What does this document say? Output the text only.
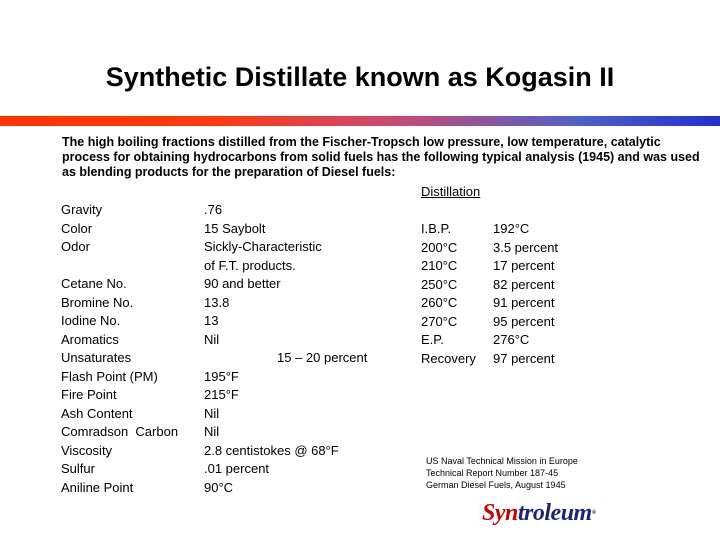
Synthetic Distillate known as Kogasin II
The high boiling fractions distilled from the Fischer-Tropsch low pressure, low temperature, catalytic process for obtaining hydrocarbons from solid fuels has the following typical analysis (1945) and was used as blending products for the preparation of Diesel fuels:
Distillation
Gravity	.76
Color	15 Saybolt
Odor	Sickly-Characteristic
of F.T. products.
Cetane No.	90 and better
Bromine No.	13.8
Iodine No.	13
Aromatics	Nil
Unsaturates	15 – 20 percent
Flash Point (PM)	195°F
Fire Point	215°F
Ash Content	Nil
Comradson  Carbon Nil
Viscosity	2.8 centistokes @ 68°F
Sulfur	.01 percent
Aniline Point	90°C
I.B.P.	192°C
200°C	3.5 percent
210°C	17 percent
250°C	82 percent
260°C	91 percent
270°C	95 percent
E.P.	276°C
Recovery 97 percent
US Naval Technical Mission in Europe
Technical Report Number 187-45
German Diesel Fuels, August 1945
Syntroleum®
